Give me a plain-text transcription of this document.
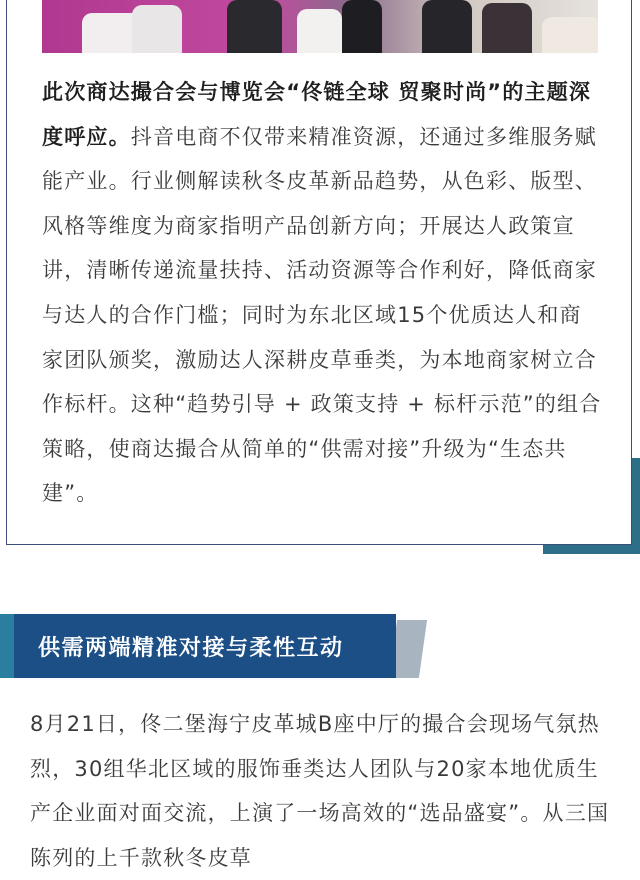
此次商达撮合会与博览会“佟链全球 贸聚时尚”的主题深度呼应。抖音电商不仅带来精准资源，还通过多维服务赋能产业。行业侧解读秋冬皮革新品趋势，从色彩、版型、风格等维度为商家指明产品创新方向；开展达人政策宣讲，清晰传递流量扶持、活动资源等合作利好，降低商家与达人的合作门槛；同时为东北区域15个优质达人和商家团队颁奖，激励达人深耕皮草垂类，为本地商家树立合作标杆。这种“趋势引导 + 政策支持 + 标杆示范”的组合策略，使商达撮合从简单的“供需对接”升级为“生态共建”。

供需两端精准对接与柔性互动

8月21日，佟二堡海宁皮革城B座中厅的撮合会现场气氛热烈，30组华北区域的服饰垂类达人团队与20家本地优质生产企业面对面交流，上演了一场高效的“选品盛宴”。从三国陈列的上千款秋冬皮草
